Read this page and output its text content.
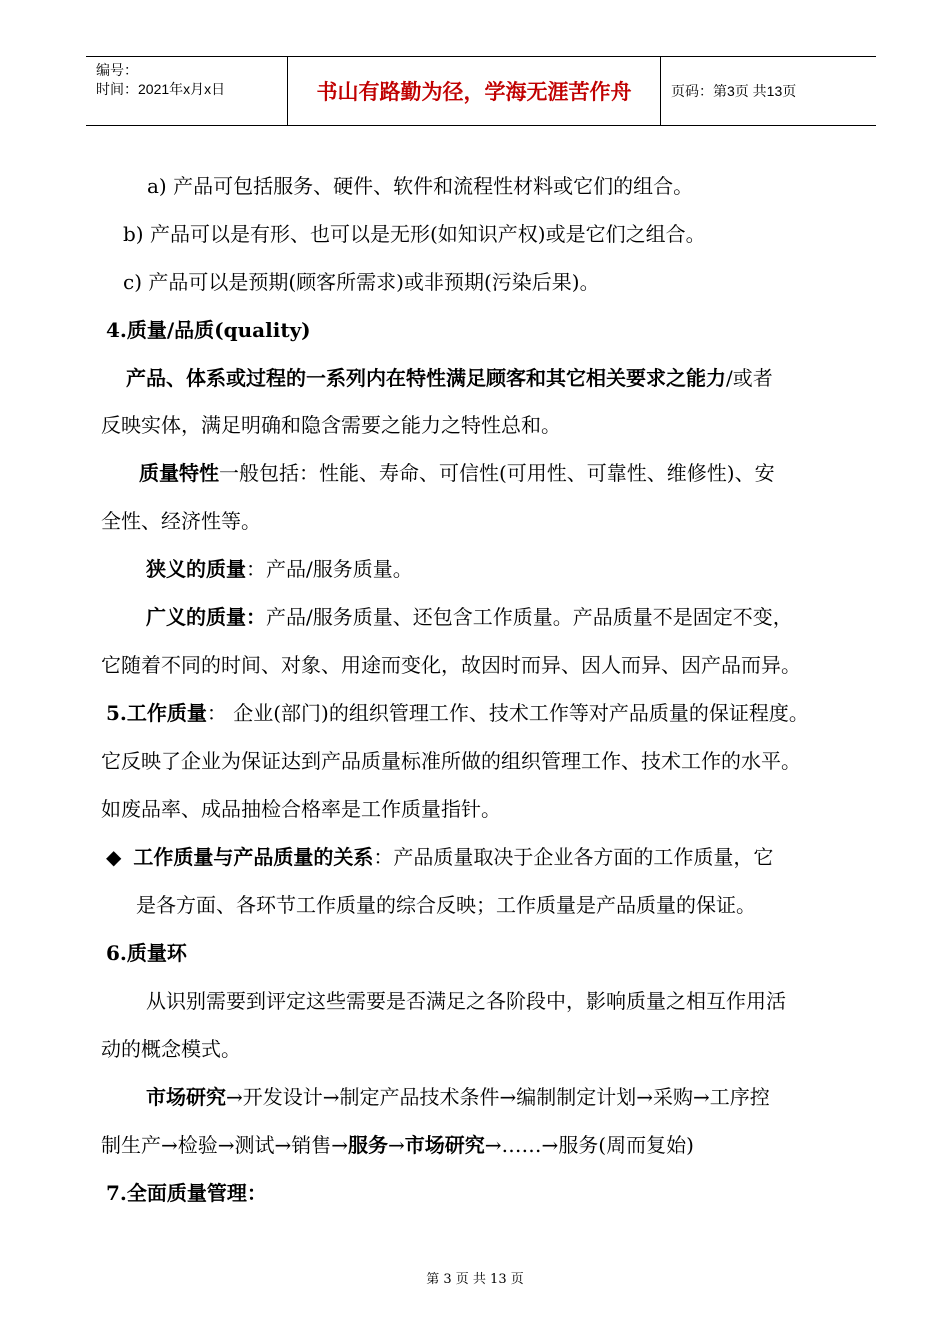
编号：
时间：2021年x月x日	书山有路勤为径，学海无涯苦作舟	页码：第3页 共13页
a) 产品可包括服务、硬件、软件和流程性材料或它们的组合。
b) 产品可以是有形、也可以是无形(如知识产权)或是它们之组合。
c) 产品可以是预期(顾客所需求)或非预期(污染后果)。
4.质量/品质(quality)
产品、体系或过程的一系列内在特性满足顾客和其它相关要求之能力/或者
反映实体，满足明确和隐含需要之能力之特性总和。
质量特性一般包括：性能、寿命、可信性(可用性、可靠性、维修性)、安
全性、经济性等。
狭义的质量：产品/服务质量。
广义的质量：产品/服务质量、还包含工作质量。产品质量不是固定不变，
它随着不同的时间、对象、用途而变化，故因时而异、因人而异、因产品而异。
5.工作质量： 企业(部门)的组织管理工作、技术工作等对产品质量的保证程度。
它反映了企业为保证达到产品质量标准所做的组织管理工作、技术工作的水平。
如废品率、成品抽检合格率是工作质量指针。
◆ 工作质量与产品质量的关系：产品质量取决于企业各方面的工作质量，它
是各方面、各环节工作质量的综合反映；工作质量是产品质量的保证。
6.质量环
从识别需要到评定这些需要是否满足之各阶段中，影响质量之相互作用活
动的概念模式。
市场研究→开发设计→制定产品技术条件→编制制定计划→采购→工序控
制生产→检验→测试→销售→服务→市场研究→……→服务(周而复始)
7.全面质量管理：
第 3 页 共 13 页
